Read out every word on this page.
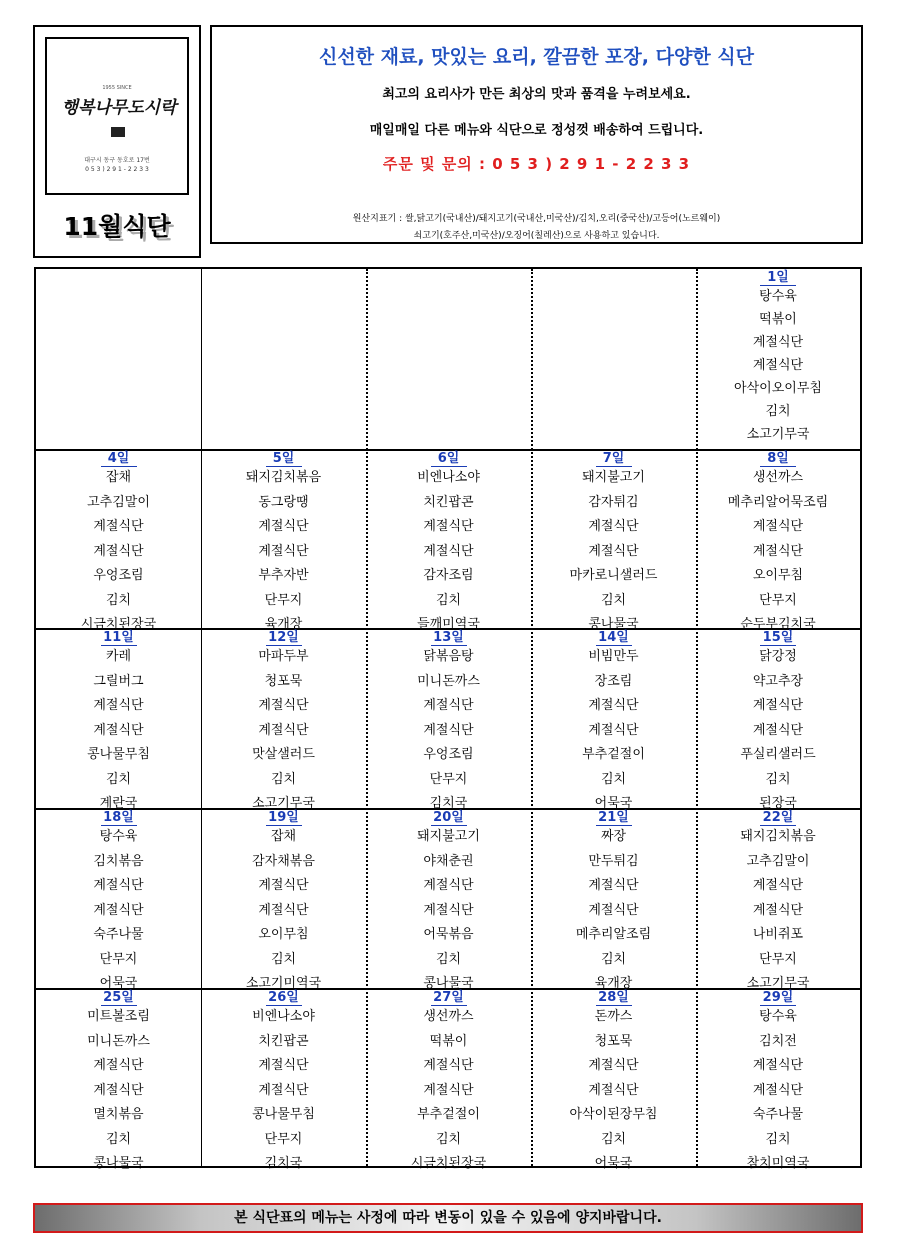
1955 SINCE
행복나무도시락
대구시 동구 동호로 17번
0 5 3 ) 2 9 1 - 2 2 3 3
11월식단
신선한 재료, 맛있는 요리, 깔끔한 포장, 다양한 식단
최고의 요리사가 만든 최상의 맛과 품격을 누려보세요.
매일매일 다른 메뉴와 식단으로 정성껏 배송하여 드립니다.
주문 및 문의 : 0 5 3 ) 2 9 1 - 2 2 3 3
원산지표기 : 쌀,닭고기(국내산)/돼지고기(국내산,미국산)/김치,오리(중국산)/고등어(노르웨이)
쇠고기(호주산,미국산)/오징어(칠레산)으로 사용하고 있습니다.
1일
탕수육
떡볶이
계절식단
계절식단
아삭이오이무침
김치
소고기무국
4일
잡채
고추김말이
계절식단
계절식단
우엉조림
김치
시금치된장국
5일
돼지김치볶음
동그랑땡
계절식단
계절식단
부추자반
단무지
육개장
6일
비엔나소야
치킨팝콘
계절식단
계절식단
감자조림
김치
들깨미역국
7일
돼지불고기
감자튀김
계절식단
계절식단
마카로니샐러드
김치
콩나물국
8일
생선까스
메추리알어묵조림
계절식단
계절식단
오이무침
단무지
순두부김치국
11일
카레
그릴버그
계절식단
계절식단
콩나물무침
김치
계란국
12일
마파두부
청포묵
계절식단
계절식단
맛살샐러드
김치
소고기무국
13일
닭볶음탕
미니돈까스
계절식단
계절식단
우엉조림
단무지
김치국
14일
비빔만두
장조림
계절식단
계절식단
부추겉절이
김치
어묵국
15일
닭강정
약고추장
계절식단
계절식단
푸실리샐러드
김치
된장국
18일
탕수육
김치볶음
계절식단
계절식단
숙주나물
단무지
어묵국
19일
잡채
감자채볶음
계절식단
계절식단
오이무침
김치
소고기미역국
20일
돼지불고기
야채춘권
계절식단
계절식단
어묵볶음
김치
콩나물국
21일
짜장
만두튀김
계절식단
계절식단
메추리알조림
김치
육개장
22일
돼지김치볶음
고추김말이
계절식단
계절식단
나비쥐포
단무지
소고기무국
25일
미트볼조림
미니돈까스
계절식단
계절식단
멸치볶음
김치
콩나물국
26일
비엔나소야
치킨팝콘
계절식단
계절식단
콩나물무침
단무지
김치국
27일
생선까스
떡볶이
계절식단
계절식단
부추겉절이
김치
시금치된장국
28일
돈까스
청포묵
계절식단
계절식단
아삭이된장무침
김치
어묵국
29일
탕수육
김치전
계절식단
계절식단
숙주나물
김치
참치미역국
본 식단표의 메뉴는 사정에 따라 변동이 있을 수 있음에 양지바랍니다.
